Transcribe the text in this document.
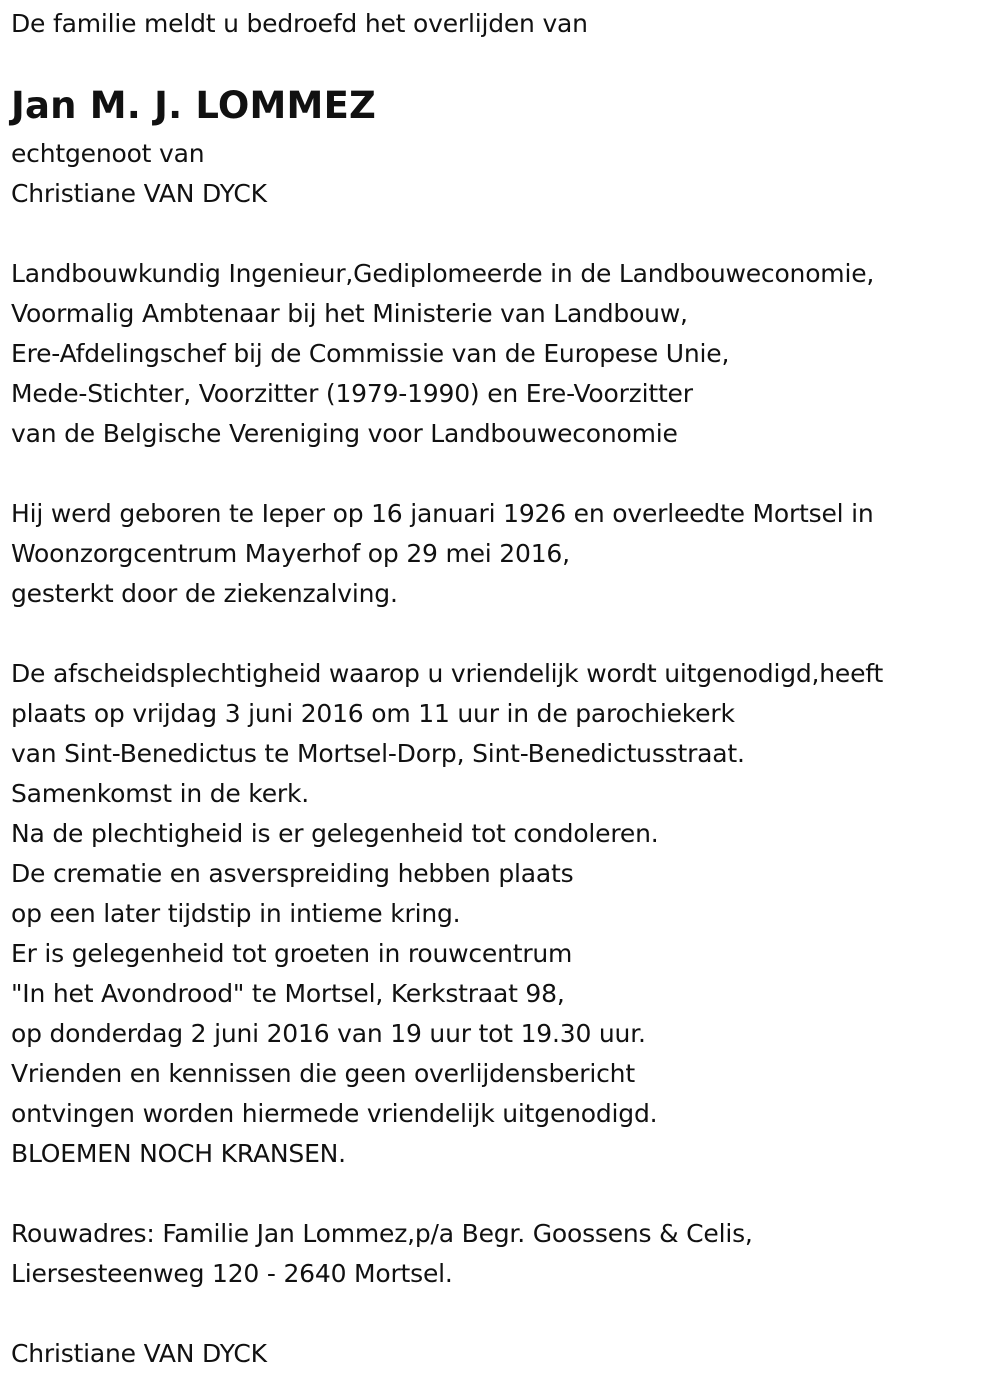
De familie meldt u bedroefd het overlijden van
Jan M. J. LOMMEZ
echtgenoot van
Christiane VAN DYCK
Landbouwkundig Ingenieur,Gediplomeerde in de Landbouweconomie,
Voormalig Ambtenaar bij het Ministerie van Landbouw,
Ere-Afdelingschef bij de Commissie van de Europese Unie,
Mede-Stichter, Voorzitter (1979-1990) en Ere-Voorzitter
van de Belgische Vereniging voor Landbouweconomie
Hij werd geboren te Ieper op 16 januari 1926 en overleedte Mortsel in
Woonzorgcentrum Mayerhof op 29 mei 2016,
gesterkt door de ziekenzalving.
De afscheidsplechtigheid waarop u vriendelijk wordt uitgenodigd,heeft
plaats op vrijdag 3 juni 2016 om 11 uur in de parochiekerk
van Sint-Benedictus te Mortsel-Dorp, Sint-Benedictusstraat.
Samenkomst in de kerk.
Na de plechtigheid is er gelegenheid tot condoleren.
De crematie en asverspreiding hebben plaats
op een later tijdstip in intieme kring.
Er is gelegenheid tot groeten in rouwcentrum
"In het Avondrood" te Mortsel, Kerkstraat 98,
op donderdag 2 juni 2016 van 19 uur tot 19.30 uur.
Vrienden en kennissen die geen overlijdensbericht
ontvingen worden hiermede vriendelijk uitgenodigd.
BLOEMEN NOCH KRANSEN.
Rouwadres: Familie Jan Lommez,p/a Begr. Goossens & Celis,
Liersesteenweg 120 - 2640 Mortsel.
Christiane VAN DYCK
